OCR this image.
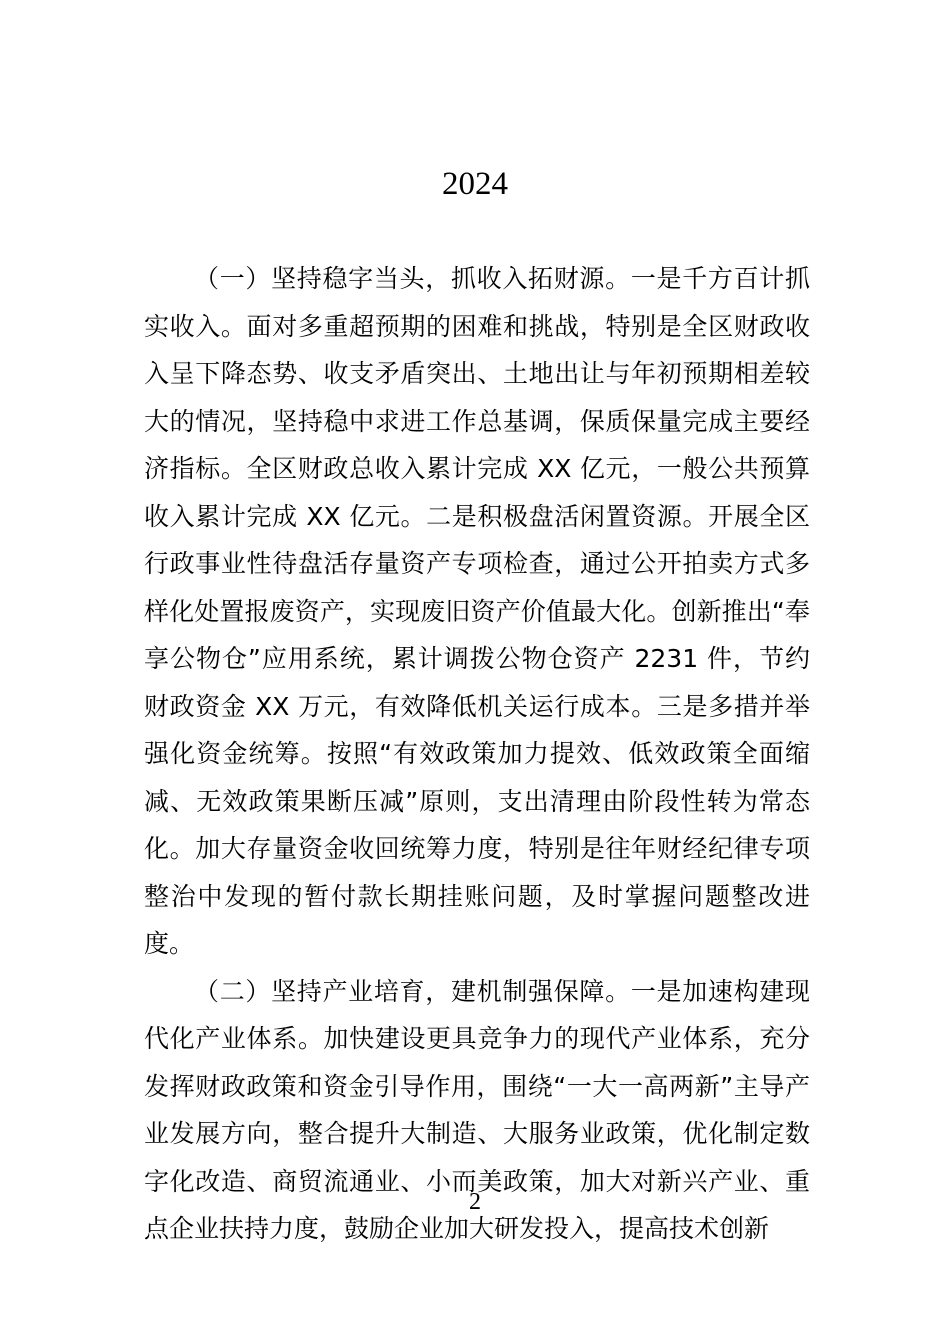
2024

（一）坚持稳字当头，抓收入拓财源。一是千方百计抓实收入。面对多重超预期的困难和挑战，特别是全区财政收入呈下降态势、收支矛盾突出、土地出让与年初预期相差较大的情况，坚持稳中求进工作总基调，保质保量完成主要经济指标。全区财政总收入累计完成 XX 亿元，一般公共预算收入累计完成 XX 亿元。二是积极盘活闲置资源。开展全区行政事业性待盘活存量资产专项检查，通过公开拍卖方式多样化处置报废资产，实现废旧资产价值最大化。创新推出“奉享公物仓”应用系统，累计调拨公物仓资产 2231 件，节约财政资金 XX 万元，有效降低机关运行成本。三是多措并举强化资金统筹。按照“有效政策加力提效、低效政策全面缩减、无效政策果断压减”原则，支出清理由阶段性转为常态化。加大存量资金收回统筹力度，特别是往年财经纪律专项整治中发现的暂付款长期挂账问题，及时掌握问题整改进度。

（二）坚持产业培育，建机制强保障。一是加速构建现代化产业体系。加快建设更具竞争力的现代产业体系，充分发挥财政政策和资金引导作用，围绕“一大一高两新”主导产业发展方向，整合提升大制造、大服务业政策，优化制定数字化改造、商贸流通业、小而美政策，加大对新兴产业、重点企业扶持力度，鼓励企业加大研发投入，提高技术创新

2
